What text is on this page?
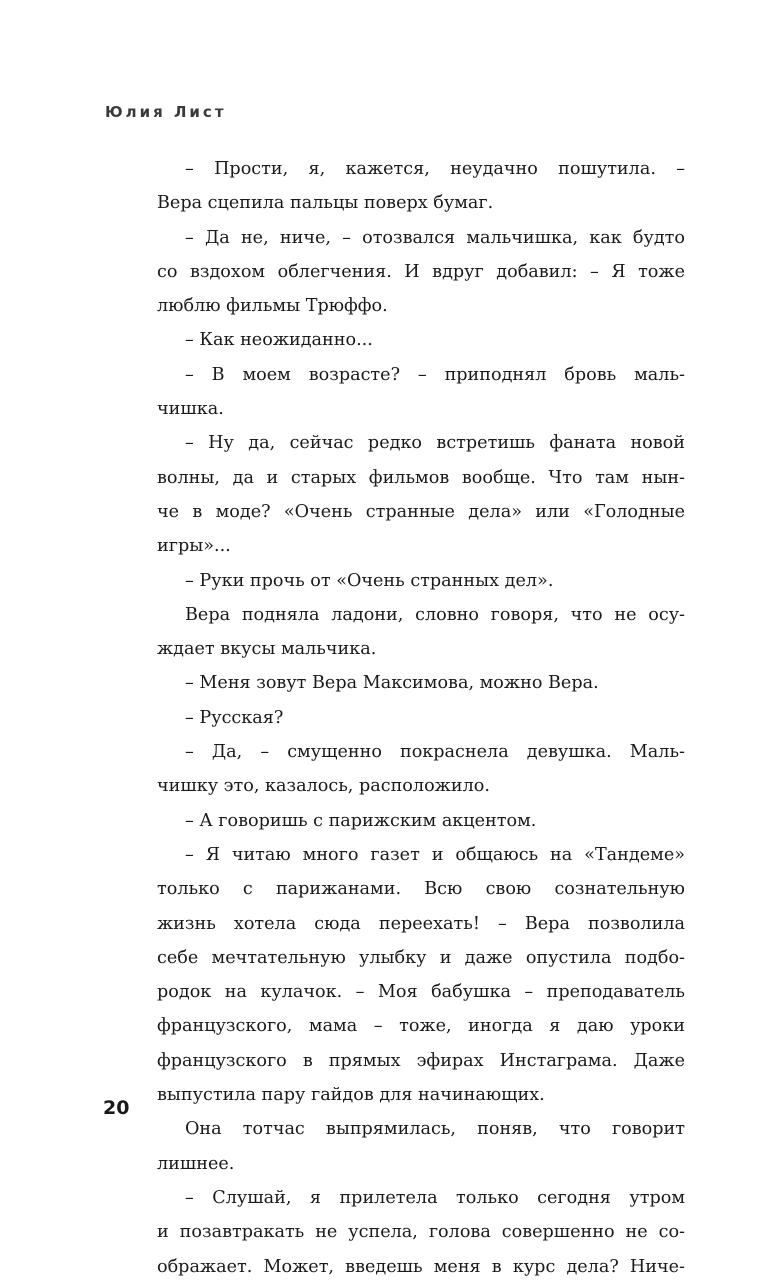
Юлия Лист
– Прости, я, кажется, неудачно пошутила. –
Вера сцепила пальцы поверх бумаг.
– Да не, ниче, – отозвался мальчишка, как будто
со вздохом облегчения. И вдруг добавил: – Я тоже
люблю фильмы Трюффо.
– Как неожиданно...
– В моем возрасте? – приподнял бровь маль-
чишка.
– Ну да, сейчас редко встретишь фаната новой
волны, да и старых фильмов вообще. Что там нын-
че в моде? «Очень странные дела» или «Голодные
игры»...
– Руки прочь от «Очень странных дел».
Вера подняла ладони, словно говоря, что не осу-
ждает вкусы мальчика.
– Меня зовут Вера Максимова, можно Вера.
– Русская?
– Да, – смущенно покраснела девушка. Маль-
чишку это, казалось, расположило.
– А говоришь с парижским акцентом.
– Я читаю много газет и общаюсь на «Тандеме»
только с парижанами. Всю свою сознательную
жизнь хотела сюда переехать! – Вера позволила
себе мечтательную улыбку и даже опустила подбо-
родок на кулачок. – Моя бабушка – преподаватель
французского, мама – тоже, иногда я даю уроки
французского в прямых эфирах Инстаграма. Даже
выпустила пару гайдов для начинающих.
Она тотчас выпрямилась, поняв, что говорит
лишнее.
– Слушай, я прилетела только сегодня утром
и позавтракать не успела, голова совершенно не со-
ображает. Может, введешь меня в курс дела? Ниче-
20
